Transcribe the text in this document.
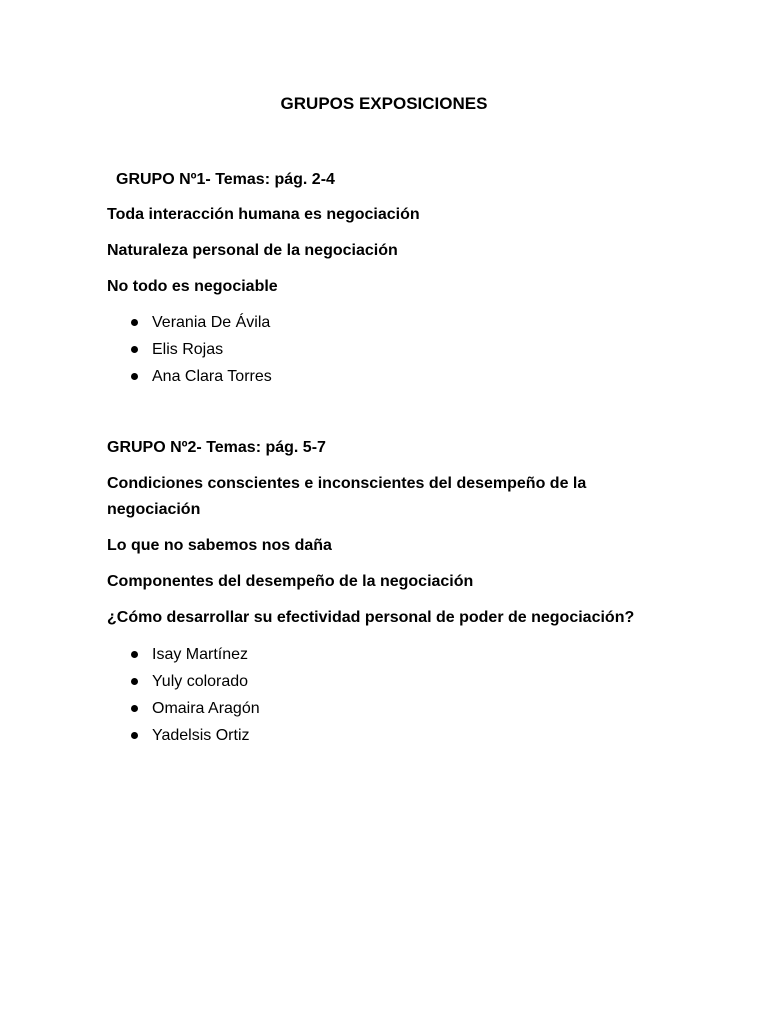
GRUPOS EXPOSICIONES
GRUPO Nº1- Temas: pág. 2-4
Toda interacción humana es negociación
Naturaleza personal de la negociación
No todo es negociable
Verania De Ávila
Elis Rojas
Ana Clara Torres
GRUPO Nº2- Temas: pág. 5-7
Condiciones conscientes e inconscientes del desempeño de la negociación
Lo que no sabemos nos daña
Componentes del desempeño de la negociación
¿Cómo desarrollar su efectividad personal de poder de negociación?
Isay Martínez
Yuly colorado
Omaira Aragón
Yadelsis Ortiz
